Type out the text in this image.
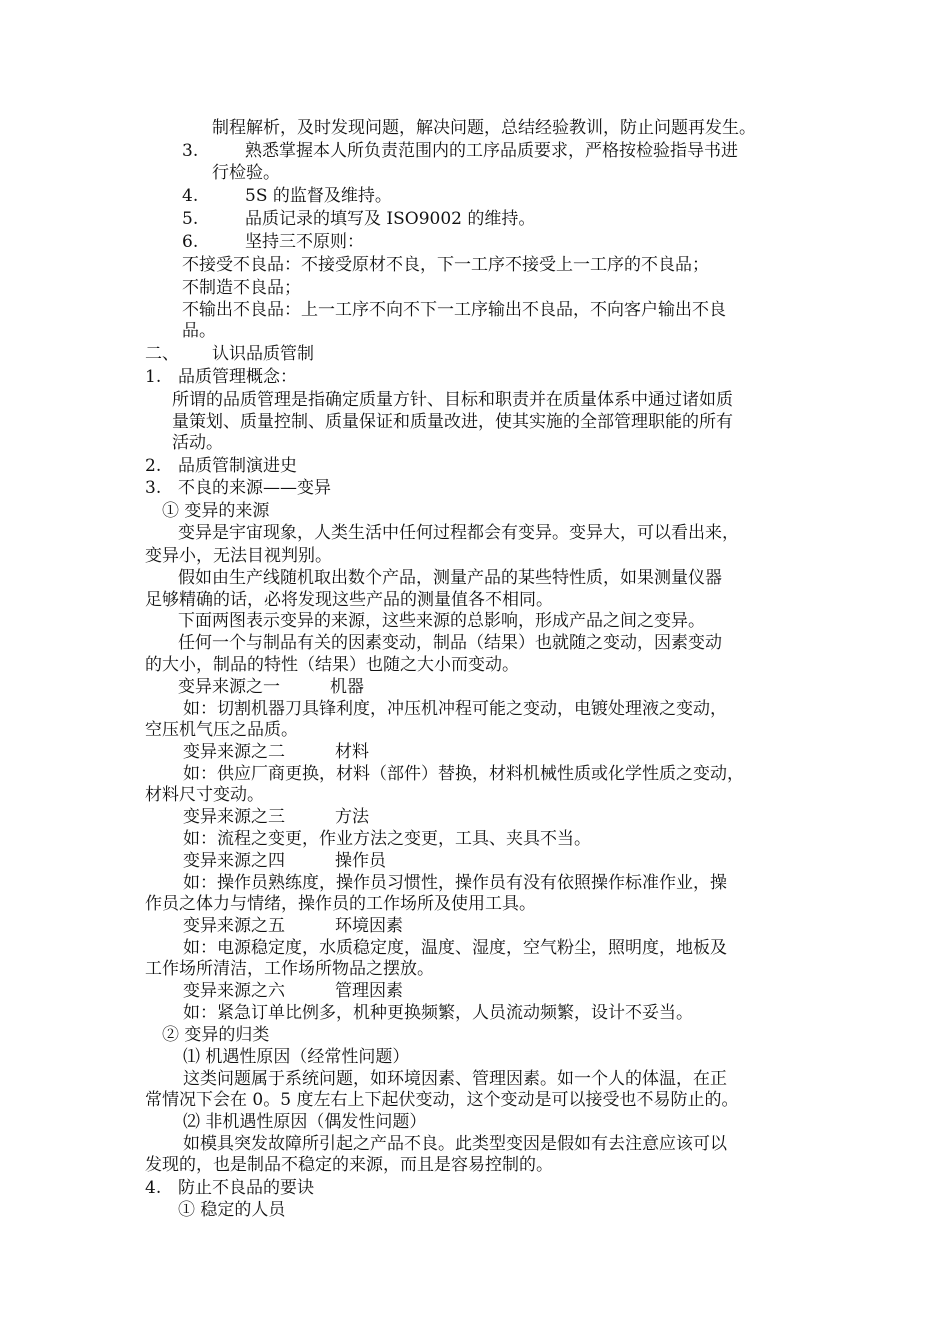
制程解析，及时发现问题，解决问题，总结经验教训，防止问题再发生。
3.	熟悉掌握本人所负责范围内的工序品质要求，严格按检验指导书进
行检验。
4.	5S 的监督及维持。
5.	品质记录的填写及 ISO9002 的维持。
6.	坚持三不原则：
不接受不良品：不接受原材不良，下一工序不接受上一工序的不良品；
不制造不良品；
不输出不良品：上一工序不向不下一工序输出不良品，不向客户输出不良
品。
二、 认识品质管制
1. 品质管理概念：
所谓的品质管理是指确定质量方针、目标和职责并在质量体系中通过诸如质
量策划、质量控制、质量保证和质量改进，使其实施的全部管理职能的所有
活动。
2. 品质管制演进史
3. 不良的来源——变异
① 变异的来源
变异是宇宙现象，人类生活中任何过程都会有变异。变异大，可以看出来，
变异小，无法目视判别。
假如由生产线随机取出数个产品，测量产品的某些特性质，如果测量仪器
足够精确的话，必将发现这些产品的测量值各不相同。
下面两图表示变异的来源，这些来源的总影响，形成产品之间之变异。
任何一个与制品有关的因素变动，制品（结果）也就随之变动，因素变动
的大小，制品的特性（结果）也随之大小而变动。
变异来源之一	机器
如：切割机器刀具锋利度，冲压机冲程可能之变动，电镀处理液之变动，
空压机气压之品质。
变异来源之二	材料
如：供应厂商更换，材料（部件）替换，材料机械性质或化学性质之变动，
材料尺寸变动。
变异来源之三	方法
如：流程之变更，作业方法之变更，工具、夹具不当。
变异来源之四	操作员
如：操作员熟练度，操作员习惯性，操作员有没有依照操作标准作业，操
作员之体力与情绪，操作员的工作场所及使用工具。
变异来源之五	环境因素
如：电源稳定度，水质稳定度，温度、湿度，空气粉尘，照明度，地板及
工作场所清洁，工作场所物品之摆放。
变异来源之六	管理因素
如：紧急订单比例多，机种更换频繁，人员流动频繁，设计不妥当。
② 变异的归类
⑴ 机遇性原因（经常性问题）
这类问题属于系统问题，如环境因素、管理因素。如一个人的体温，在正
常情况下会在 0。5 度左右上下起伏变动，这个变动是可以接受也不易防止的。
⑵ 非机遇性原因（偶发性问题）
如模具突发故障所引起之产品不良。此类型变因是假如有去注意应该可以
发现的，也是制品不稳定的来源，而且是容易控制的。
4. 防止不良品的要诀
① 稳定的人员
